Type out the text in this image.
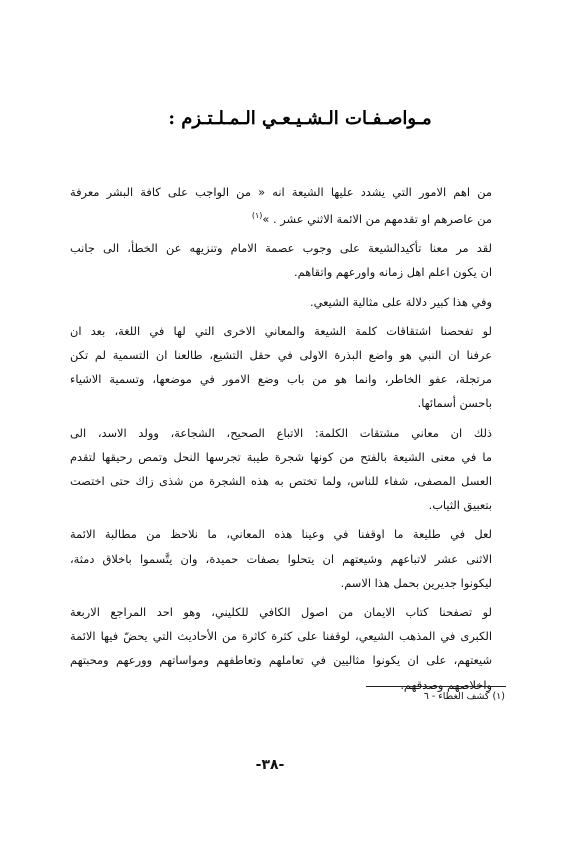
مـواصـفـات الـشـيـعـي الـمـلـتـزم :
من اهم الامور التي يشدد عليها الشيعة انه « من الواجب على كافة البشر معرفة
من عاصرهم او تقدمهم من الائمة الاثني عشر . »$^{(١)}$
لقد مر معنا تأكيدالشيعة على وجوب عصمة الامام وتنزيهه عن الخطأ، الى جانب
ان يكون اعلم اهل زمانه واورعهم واتقاهم.
وفي هذا كبير دلالة على مثالية الشيعي.
لو تفحصنا اشتقاقات كلمة الشيعة والمعاني الاخرى التي لها في اللغة، بعد ان
عرفنا ان النبي هو واضع البذرة الاولى في حقل التشيع، طالعنا ان التسمية لم تكن
مرتجلة، عفو الخاطر، وانما هو من باب وضع الامور في موضعها، وتسمية الاشياء
باحسن أسمائها.
ذلك ان معاني مشتقات الكلمة: الاتباع الصحيح، الشجاعة، وولد الاسد، الى
ما في معنى الشيعة بالفتح من كونها شجرة طيبة تجرسها النحل وتمص رحيقها لتقدم
العسل المصفى، شفاء للناس، ولما تختص به هذه الشجرة من شذى زاك حتى اختصت
بتعبيق الثياب.
لعل في طليعة ما اوقفنا في وعينا هذه المعاني، ما نلاحظ من مطالبة الائمة
الاثنى عشر لاتباعهم وشيعتهم ان يتحلوا بصفات حميدة، وان يتَّسموا باخلاق دمثة،
ليكونوا جديرين بحمل هذا الاسم.
لو تصفحنا كتاب الايمان من اصول الكافي للكليني، وهو احد المراجع الاربعة
الكبرى في المذهب الشيعي، لوقفنا على كثرة كاثرة من الأحاديث التي يحضّ فيها الائمة
شيعتهم، على ان يكونوا مثاليين في تعاملهم وتعاطفهم ومواساتهم وورعهم ومحبتهم
واخلاصهم وصدقهم.
(١) كشف الغطاء - ٦
-٣٨-
